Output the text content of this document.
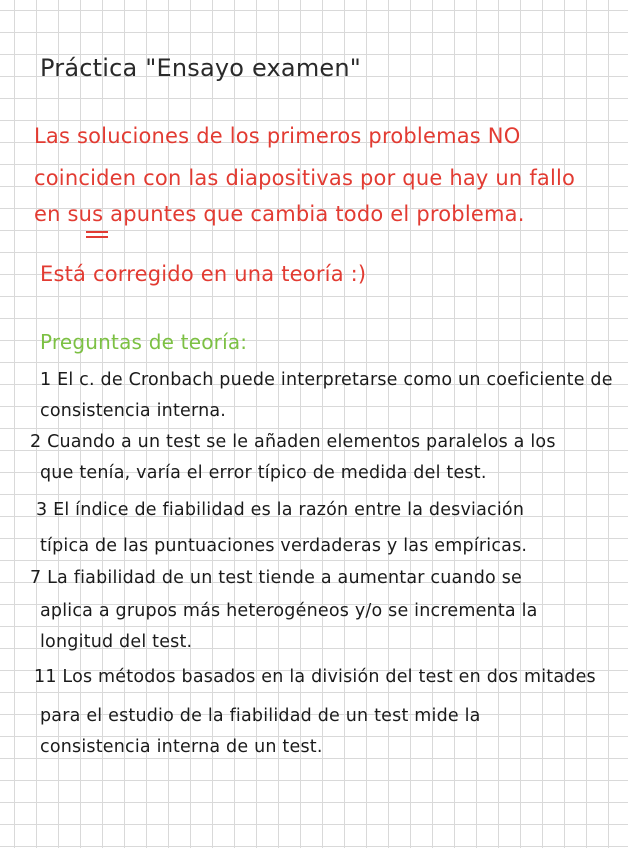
Práctica "Ensayo examen"
Las soluciones de los primeros problemas NO
coinciden con las diapositivas por que hay un fallo
en sus apuntes que cambia todo el problema.
Está corregido en una teoría :)
Preguntas de teoría:
1 El c. de Cronbach puede interpretarse como un coeficiente de
consistencia interna.
2 Cuando a un test se le añaden elementos paralelos a los
que tenía, varía el error típico de medida del test.
3 El índice de fiabilidad es la razón entre la desviación
típica de las puntuaciones verdaderas y las empíricas.
7 La fiabilidad de un test tiende a aumentar cuando se
aplica a grupos más heterogéneos y/o se incrementa la
longitud del test.
11 Los métodos basados en la división del test en dos mitades
para el estudio de la fiabilidad de un test mide la
consistencia interna de un test.
